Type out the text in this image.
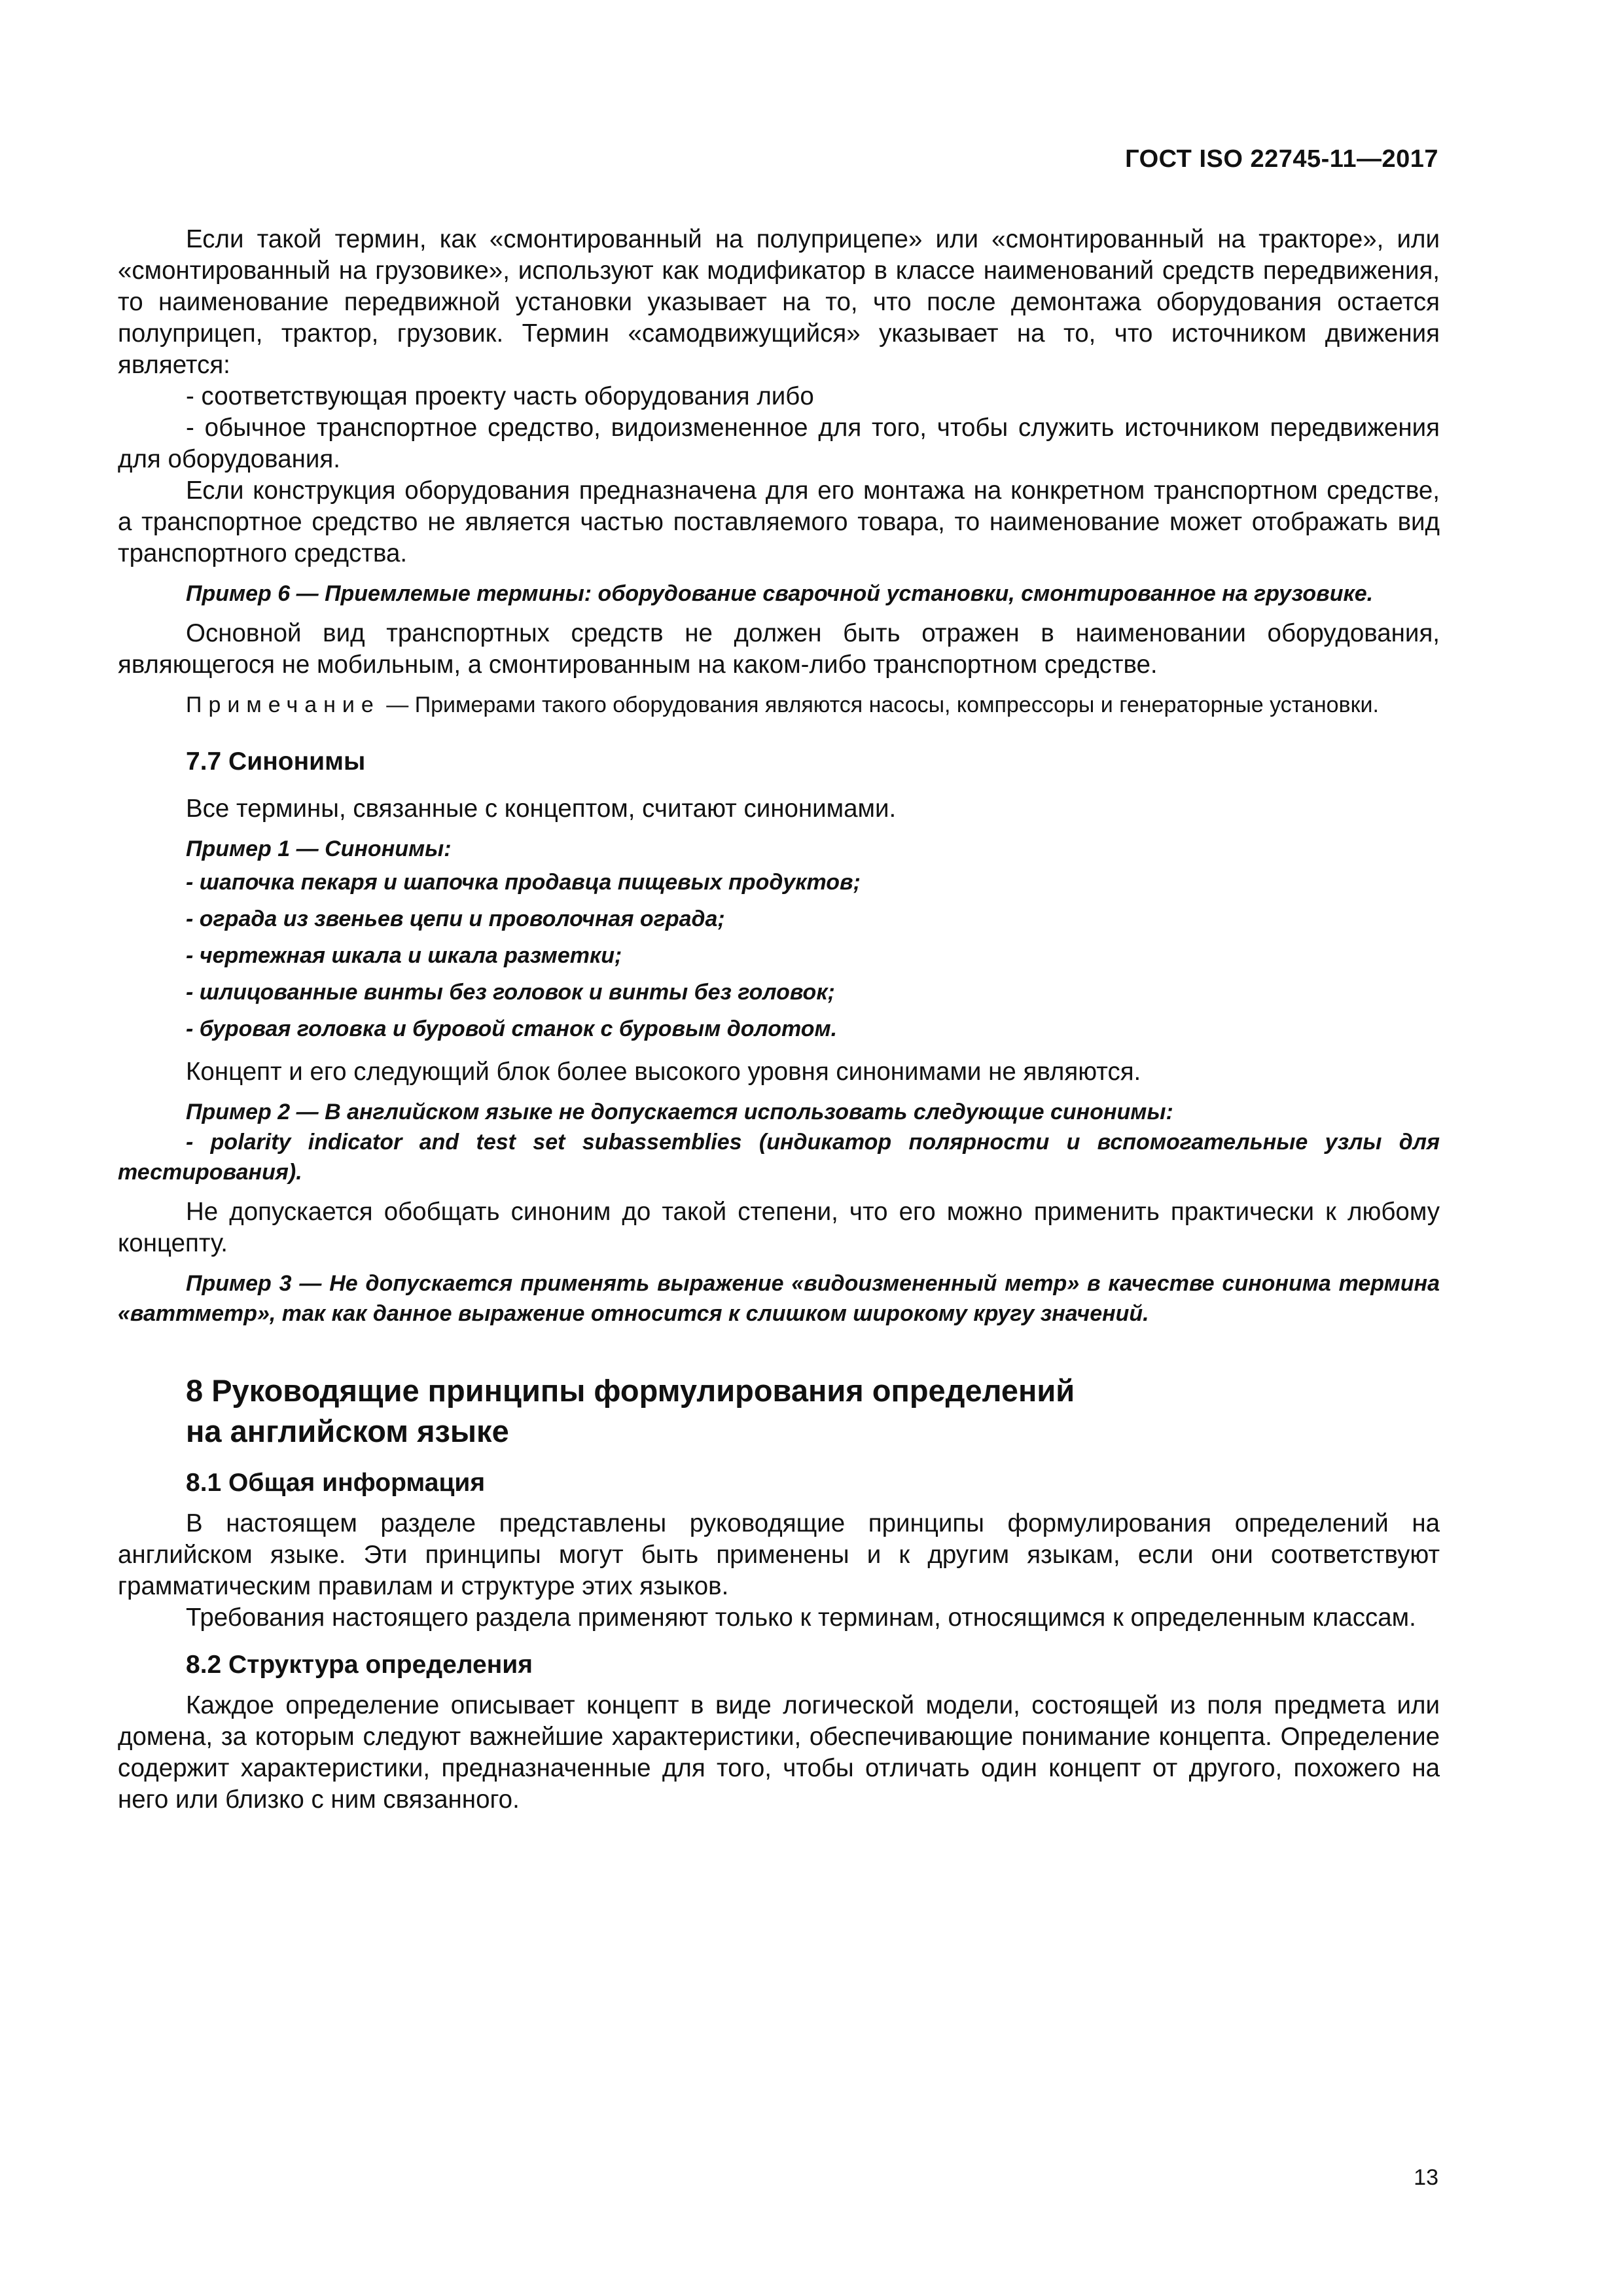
ГОСТ ISO 22745-11—2017

Если такой термин, как «смонтированный на полуприцепе» или «смонтированный на тракторе», или «смонтированный на грузовике», используют как модификатор в классе наименований средств передвижения, то наименование передвижной установки указывает на то, что после демонтажа оборудования остается полуприцеп, трактор, грузовик. Термин «самодвижущийся» указывает на то, что источником движения является:

- соответствующая проекту часть оборудования либо

- обычное транспортное средство, видоизмененное для того, чтобы служить источником передвижения для оборудования.

Если конструкция оборудования предназначена для его монтажа на конкретном транспортном средстве, а транспортное средство не является частью поставляемого товара, то наименование может отображать вид транспортного средства.

Пример 6 — Приемлемые термины: оборудование сварочной установки, смонтированное на грузовике.

Основной вид транспортных средств не должен быть отражен в наименовании оборудования, являющегося не мобильным, а смонтированным на каком-либо транспортном средстве.

Примечание — Примерами такого оборудования являются насосы, компрессоры и генераторные установки.

7.7 Синонимы

Все термины, связанные с концептом, считают синонимами.

Пример 1 — Синонимы:

- шапочка пекаря и шапочка продавца пищевых продуктов;

- ограда из звеньев цепи и проволочная ограда;

- чертежная шкала и шкала разметки;

- шлицованные винты без головок и винты без головок;

- буровая головка и буровой станок с буровым долотом.

Концепт и его следующий блок более высокого уровня синонимами не являются.

Пример 2 — В английском языке не допускается использовать следующие синонимы:

- polarity indicator and test set subassemblies (индикатор полярности и вспомогательные узлы для тестирования).

Не допускается обобщать синоним до такой степени, что его можно применить практически к любому концепту.

Пример 3 — Не допускается применять выражение «видоизмененный метр» в качестве синонима термина «ваттметр», так как данное выражение относится к слишком широкому кругу значений.

8 Руководящие принципы формулирования определений

на английском языке

8.1 Общая информация

В настоящем разделе представлены руководящие принципы формулирования определений на английском языке. Эти принципы могут быть применены и к другим языкам, если они соответствуют грамматическим правилам и структуре этих языков.

Требования настоящего раздела применяют только к терминам, относящимся к определенным классам.

8.2 Структура определения

Каждое определение описывает концепт в виде логической модели, состоящей из поля предмета или домена, за которым следуют важнейшие характеристики, обеспечивающие понимание концепта. Определение содержит характеристики, предназначенные для того, чтобы отличать один концепт от другого, похожего на него или близко с ним связанного.

13
